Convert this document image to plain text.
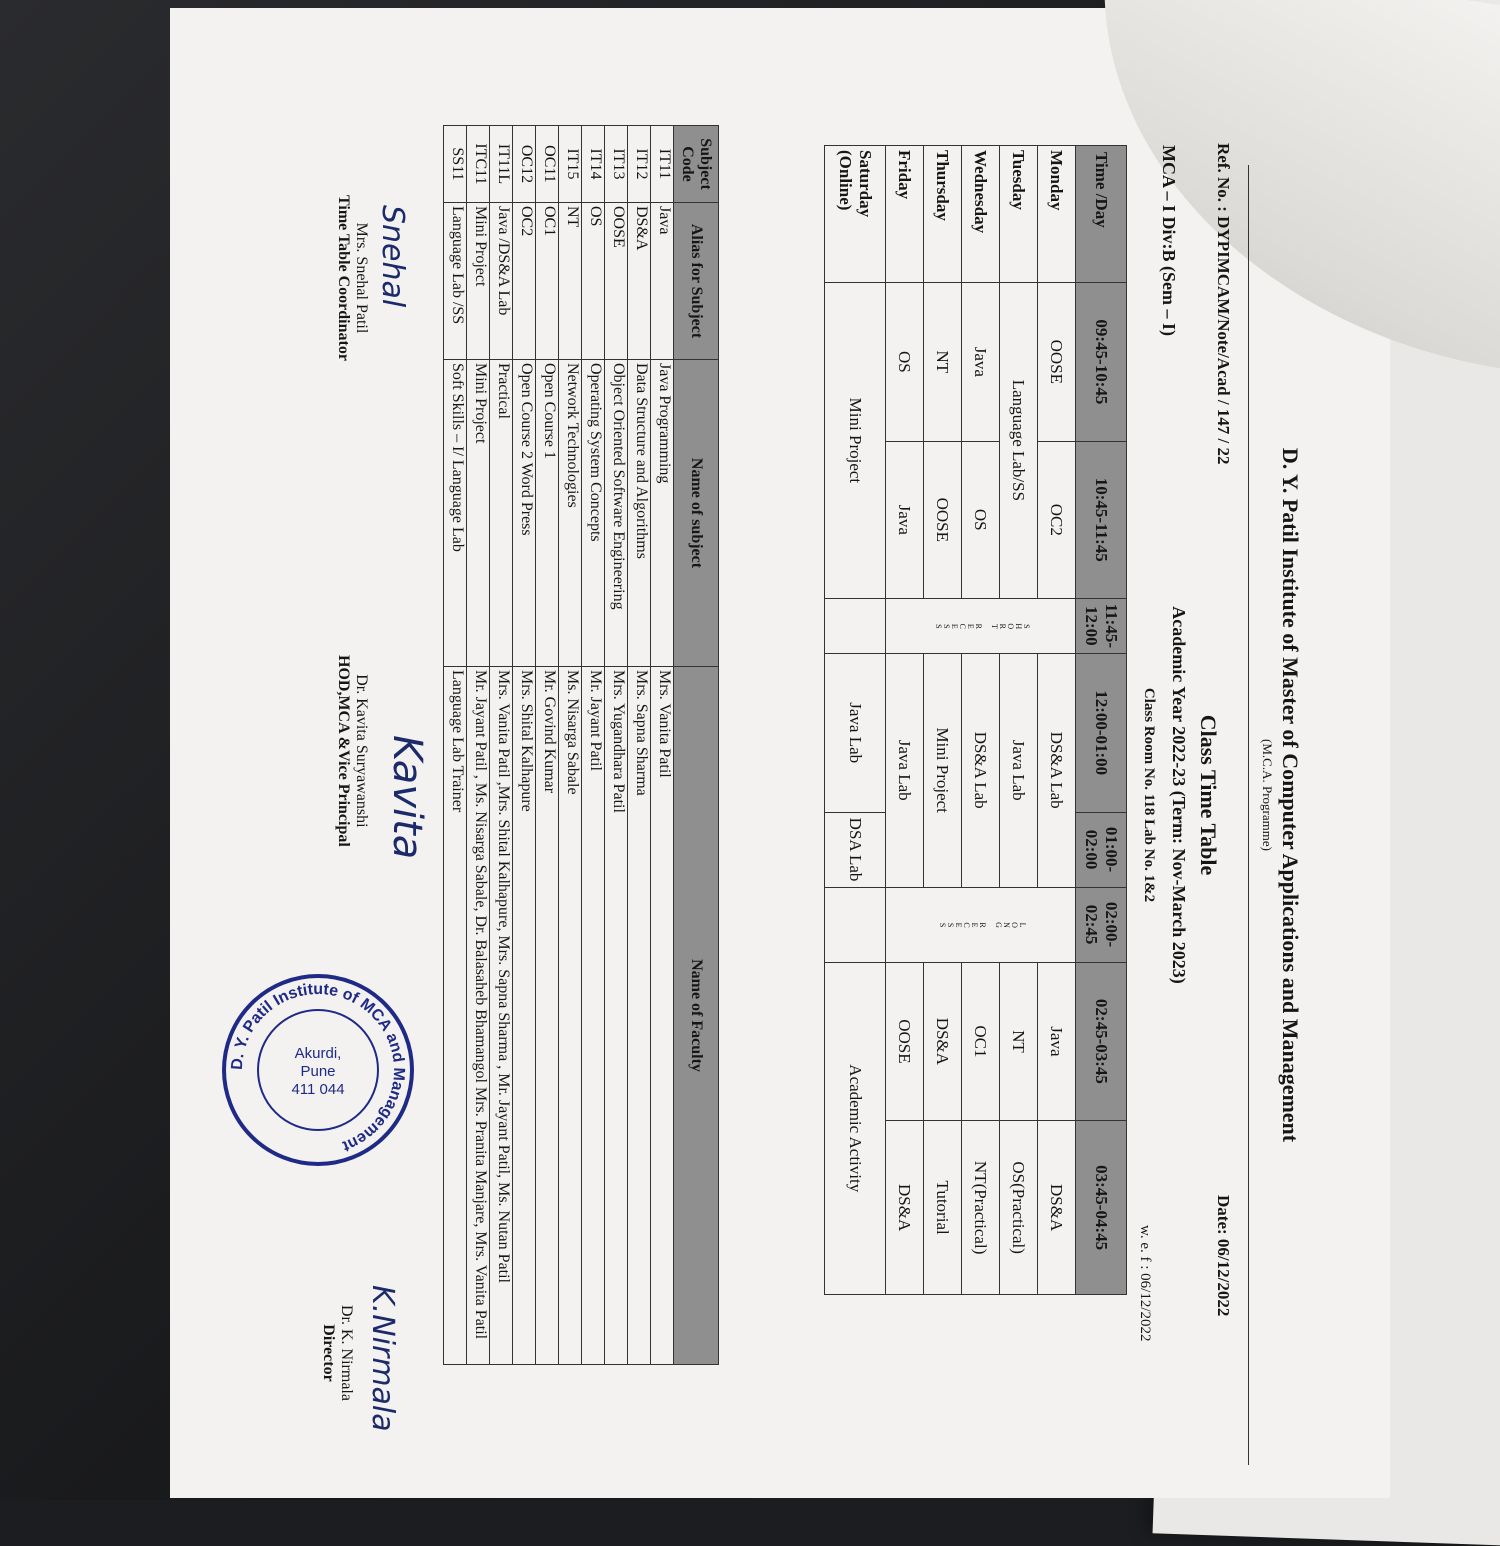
D. Y. Patil Institute of Master of Computer Applications and Management
(M.C.A. Programme)
Ref. No. : DYPIMCAM/Note/Acad / 147 / 22
Date: 06/12/2022
Class Time Table
Academic Year 2022-23 (Term: Nov-March 2023)
MCA – I Div:B (Sem – I)
Class Room No. 118 Lab No. 1&2
w. e. f : 06/12/2022
Time /Day	09:45-10:45	10:45-11:45	11:45-12:00	12:00-01:00	01:00-02:00	02:00-02:45	02:45-03:45	03:45-04:45
Monday	OOSE	OC2	SHORT RECESS	DS&A Lab		LONG RECESS	Java	DS&A
Tuesday	Language Lab/SS			Java Lab			NT	OS(Practical)
Wednesday	Java	OS		DS&A Lab			OC1	NT(Practical)
Thursday	NT	OOSE		Mini Project			DS&A	Tutorial
Friday	OS	Java		Java Lab			OOSE	DS&A
Saturday (Online)	Mini Project			Java Lab	DSA Lab		Academic Activity	
Subject Code	Alias for Subject	Name of subject	Name of Faculty
IT11	Java	Java Programming	Mrs. Vanita Patil
IT12	DS&A	Data Structure and Algorithms	Mrs. Sapna Sharma
IT13	OOSE	Object Oriented Software Engineering	Mrs. Yugandhara Patil
IT14	OS	Operating System Concepts	Mr. Jayant Patil
IT15	NT	Network Technologies	Ms. Nisarga Sabale
OC11	OC1	Open Course 1	Mr. Govind Kumar
OC12	OC2	Open Course 2 Word Press	Mrs. Shital Kalhapure
IT11L	Java /DS&A Lab	Practical	Mrs. Vanita Patil ,Mrs. Shital Kalhapure, Mrs. Sapna Sharma , Mr. Jayant Patil, Ms. Nutan Patil
ITC11	Mini Project	Mini Project	Mr. Jayant Patil , Ms. Nisarga Sabale, Dr. Balasaheb Bhamangol Mrs. Pranita Manjare, Mrs. Vanita Patil
SS11	Language Lab /SS	Soft Skills – I/ Language Lab	Language Lab Trainer
Snehal
Mrs. Snehal Patil
Time Table Coordinator
Kavita
Dr. Kavita Suryawanshi
HOD,MCA &Vice Principal
K.Nirmala
Dr. K. Nirmala
Director
D. Y. Patil Institute of MCA and Management
Akurdi,
Pune
411 044
